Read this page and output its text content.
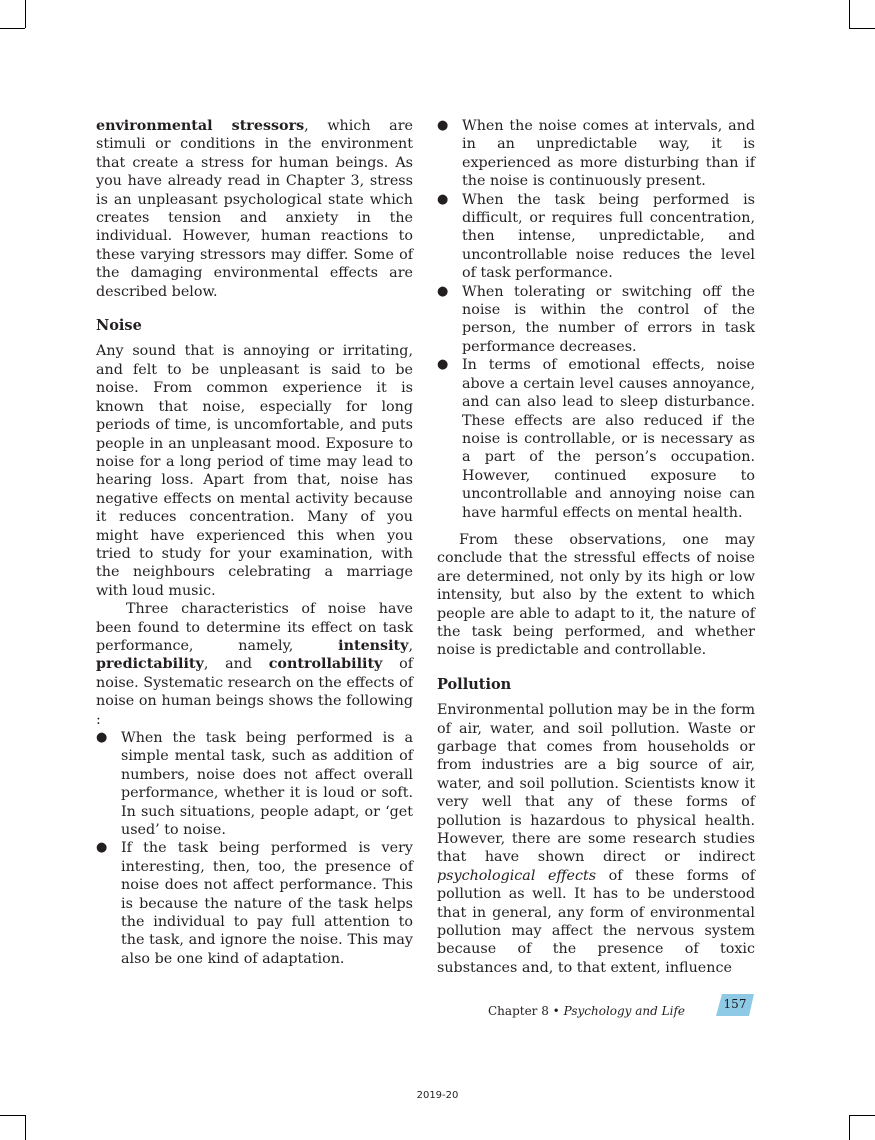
environmental stressors, which are stimuli or conditions in the environment that create a stress for human beings. As you have already read in Chapter 3, stress is an unpleasant psychological state which creates tension and anxiety in the individual. However, human reactions to these varying stressors may differ. Some of the damaging environmental effects are described below.

Noise

Any sound that is annoying or irritating, and felt to be unpleasant is said to be noise. From common experience it is known that noise, especially for long periods of time, is uncomfortable, and puts people in an unpleasant mood. Exposure to noise for a long period of time may lead to hearing loss. Apart from that, noise has negative effects on mental activity because it reduces concentration. Many of you might have experienced this when you tried to study for your examination, with the neighbours celebrating a marriage with loud music.

Three characteristics of noise have been found to determine its effect on task performance, namely, intensity, predictability, and controllability of noise. Systematic research on the effects of noise on human beings shows the following :

● When the task being performed is a simple mental task, such as addition of numbers, noise does not affect overall performance, whether it is loud or soft. In such situations, people adapt, or ‘get used’ to noise.
● If the task being performed is very interesting, then, too, the presence of noise does not affect performance. This is because the nature of the task helps the individual to pay full attention to the task, and ignore the noise. This may also be one kind of adaptation.
● When the noise comes at intervals, and in an unpredictable way, it is experienced as more disturbing than if the noise is continuously present.
● When the task being performed is difficult, or requires full concentration, then intense, unpredictable, and uncontrollable noise reduces the level of task performance.
● When tolerating or switching off the noise is within the control of the person, the number of errors in task performance decreases.
● In terms of emotional effects, noise above a certain level causes annoyance, and can also lead to sleep disturbance. These effects are also reduced if the noise is controllable, or is necessary as a part of the person’s occupation. However, continued exposure to uncontrollable and annoying noise can have harmful effects on mental health.

From these observations, one may conclude that the stressful effects of noise are determined, not only by its high or low intensity, but also by the extent to which people are able to adapt to it, the nature of the task being performed, and whether noise is predictable and controllable.

Pollution

Environmental pollution may be in the form of air, water, and soil pollution. Waste or garbage that comes from households or from industries are a big source of air, water, and soil pollution. Scientists know it very well that any of these forms of pollution is hazardous to physical health. However, there are some research studies that have shown direct or indirect psychological effects of these forms of pollution as well. It has to be understood that in general, any form of environmental pollution may affect the nervous system because of the presence of toxic substances and, to that extent, influence

Chapter 8 • Psychology and Life	157
2019-20
